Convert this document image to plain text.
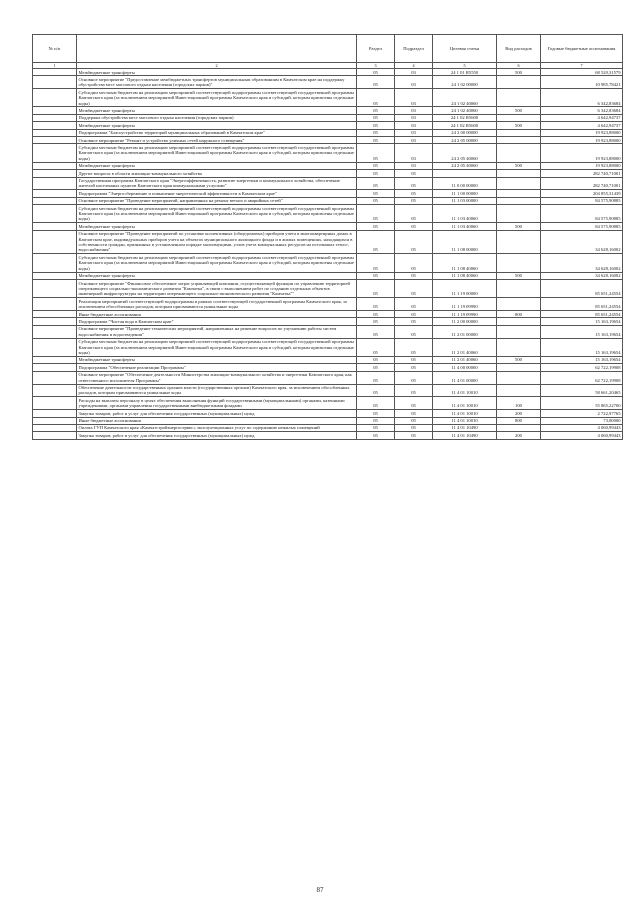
№ п/п		Раздел	Подраздел	Целевая статья	Вид расходов	Годовые бюджетные ассигнования
1	2	3	4	5	6	7
	Межбюджетные трансферты	05	03	24 1 01 R5550	500	68 520,31579
	Основное мероприятие "Предоставление межбюджетных трансфертов муниципальным образованиям в Камчатском крае на поддержку обустройства мест массового отдыха населения (городских парков)"	05	03	24 1 02 00000		10 985,78421
	Субсидии местным бюджетам на реализацию мероприятий соответствующей подпрограммы соответствующей государственной программы Камчатского края (за исключением мероприятий Инвестиционной программы Камчатского края и субсидий, которым присвоены отдельные коды)	05	03	24 1 02 40060		6 342,83684
	Межбюджетные трансферты	05	03	24 1 02 40060	500	6 342,83684
	Поддержка обустройства мест массового отдыха населения (городских парков)	05	03	24 1 02 R5600		4 642,94737
	Межбюджетные трансферты	05	03	24 1 02 R5600	500	4 642,94737
	Подпрограмма "Благоустройство территорий муниципальных образований в Камчатском крае"	05	03	24 2 00 00000		19 923,88000
	Основное мероприятие "Ремонт и устройство уличных сетей наружного освещения"	05	03	24 2 05 00000		19 923,88000
	Субсидии местным бюджетам на реализацию мероприятий соответствующей подпрограммы соответствующей государственной программы Камчатского края (за исключением мероприятий Инвестиционной программы Камчатского края и субсидий, которым присвоены отдельные коды)	05	03	24 2 05 40060		19 923,88000
	Межбюджетные трансферты	05	03	24 2 05 40060	500	19 923,88000
	Другие вопросы в области жилищно-коммунального хозяйства	05	05			282 740,71001
	Государственная программа Камчатского края "Энергоэффективность, развитие энергетики и коммунального хозяйства, обеспечение жителей населенных пунктов Камчатского края коммунальными услугами"	05	05	11 0 00 00000		282 740,71001
	Подпрограмма "Энергосбережение и повышение энергетической эффективности в Камчатском крае"	05	05	11 1 00 00000		204 855,31439
	Основное мероприятие "Проведение мероприятий, направленных на ремонт ветхих и аварийных сетей"	05	05	11 1 03 00000		84 575,90885
	Субсидии местным бюджетам на реализацию мероприятий соответствующей подпрограммы соответствующей государственной программы Камчатского края (за исключением мероприятий Инвестиционной программы Камчатского края и субсидий, которым присвоены отдельные коды)	05	05	11 1 03 40060		84 575,90885
	Межбюджетные трансферты	05	05	11 1 03 40060	500	84 575,90885
	Основное мероприятие "Проведение мероприятий по установке коллективных (общедомовых) приборов учета в многоквартирных домах в Камчатском крае, индивидуальных приборов учета на объектах муниципального жилищного фонда и в жилых помещениях, находящихся в собственности граждан, признанных в установленном порядке малоимущими, узлов учета коммунальных ресурсов на источниках тепло-, водоснабжения"	05	05	11 1 08 00000		34 628,16002
	Субсидии местным бюджетам на реализацию мероприятий соответствующей подпрограммы соответствующей государственной программы Камчатского края (за исключением мероприятий Инвестиционной программы Камчатского края и субсидий, которым присвоены отдельные коды)	05	05	11 1 08 40060		34 628,16002
	Межбюджетные трансферты	05	05	11 1 08 40060	500	34 628,16002
	Основное мероприятие "Финансовое обеспечение затрат управляющей компании, осуществляющей функции по управлению территорией опережающего социально-экономического развития "Камчатка", в связи с выполнением работ по созданию отдельных объектов инженерной инфраструктуры на территории опережающего социально-экономического развития "Камчатка""	05	05	11 1 19 00000		85 651,24554
	Реализация мероприятий соответствующей подпрограммы в рамках соответствующей государственной программы Камчатского края, за исключением обособленных расходов, которым присваиваются уникальные коды	05	05	11 1 19 09990		85 651,24554
	Иные бюджетные ассигнования	05	05	11 1 19 09990	800	85 651,24554
	Подпрограмма "Чистая вода в Камчатском крае"	05	05	11 2 00 00000		15 163,19654
	Основное мероприятие "Проведение технических мероприятий, направленных на решение вопросов по улучшению работы систем водоснабжения и водоотведения"	05	05	11 2 01 00000		15 163,19654
	Субсидии местным бюджетам на реализацию мероприятий соответствующей подпрограммы соответствующей государственной программы Камчатского края (за исключением мероприятий Инвестиционной программы Камчатского края и субсидий, которым присвоены отдельные коды)	05	05	11 2 01 40060		15 163,19654
	Межбюджетные трансферты	05	05	11 2 01 40060	500	15 163,19654
	Подпрограмма "Обеспечение реализации Программы"	05	05	11 4 00 00000		62 722,19908
	Основное мероприятие "Обеспечение деятельности Министерства жилищно-коммунального хозяйства и энергетики Камчатского края, как ответственного исполнителя Программы"	05	05	11 4 01 00000		62 722,19908
	Обеспечение деятельности государственных органов власти (государственных органов) Камчатского края, за исключением обособленных расходов, которым присваиваются уникальные коды	05	05	11 4 01 10010		58 661,20465
	Расходы на выплаты персоналу в целях обеспечения выполнения функций государственными (муниципальными) органами, казенными учреждениями, органами управления государственными внебюджетными фондами	05	05	11 4 01 10010	100	55 865,22700
	Закупка товаров, работ и услуг для обеспечения государственных (муниципальных) нужд	05	05	11 4 01 10010	200	2 722,97765
	Иные бюджетные ассигнования	05	05	11 4 01 10010	800	73,00000
	Оплата ГУП Камчатского края «Камчатстройэнергосервис» эксплуатационных услуг по содержанию нежилых помещений	05	05	11 4 01 10490		4 060,99443
	Закупка товаров, работ и услуг для обеспечения государственных (муниципальных) нужд	05	05	11 4 01 10490	200	4 060,99443
87
